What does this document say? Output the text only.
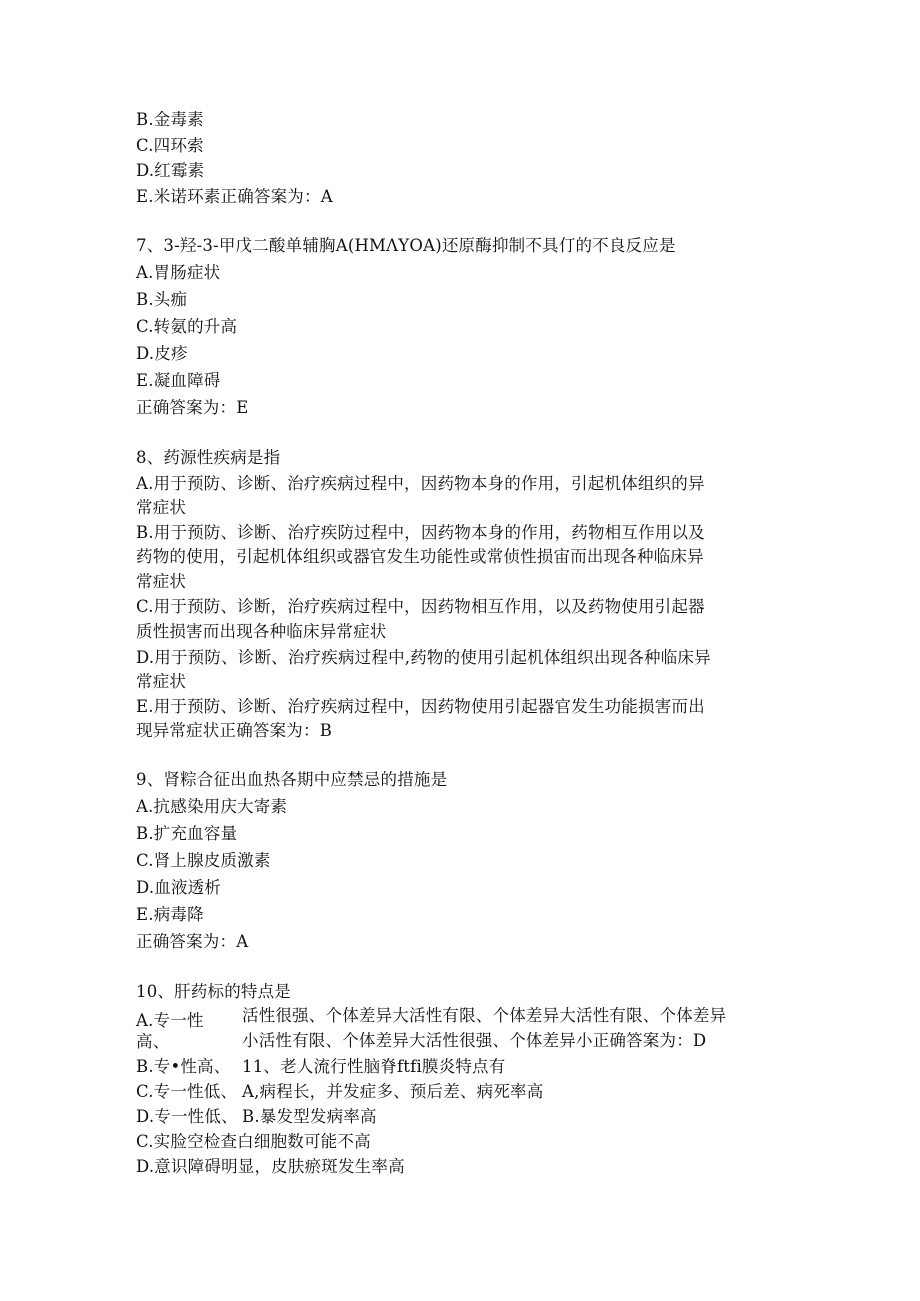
B.金毒素
C.四环索
D.红霉素
E.米诺环素正确答案为：A
7、3-羟-3-甲戊二酸单辅胸A(HMΛYOA)还原酶抑制不具仃的不良反应是
A.胃肠症状
B.头痂
C.转氨的升高
D.皮疹
E.凝血障碍
正确答案为：E
8、药源性疾病是指
A.用于预防、诊断、治疗疾病过程中，因药物本身的作用，引起机体组织的异
常症状
B.用于预防、诊断、治疗疾防过程中，因药物本身的作用，药物相互作用以及
药物的使用，引起机体组织或器官发生功能性或常侦性损宙而出现各种临床异
常症状
C.用于预防、诊断，治疗疾病过程中，因药物相互作用，以及药物使用引起器
质性损害而出现各种临床异常症状
D.用于预防、诊断、治疗疾病过程中,药物的使用引起机体组织出现各种临床异
常症状
E.用于预防、诊断、治疗疾病过程中，因药物使用引起器官发生功能损害而出
现异常症状正确答案为：B
9、肾粽合征出血热各期中应禁忌的措施是
A.抗感染用庆大寄素
B.扩充血容量
C.肾上腺皮质激素
D.血液透析
E.病毒降
正确答案为：A
10、肝药标的特点是
A.专一性
高、
活性很强、个体差异大活性有限、个体差异大活性有限、个体差异
小活性有限、个体差异大活性很强、个体差异小正确答案为：D
B.专•性高、 11、老人流行性脑脊ftfi膜炎特点有
C.专一性低、 A,病程长，并发症多、预后差、病死率高
D.专一性低、 B.暴发型发病率高
C.实脸空检查白细胞数可能不高
D.意识障碍明显，皮肤瘀斑发生率高
